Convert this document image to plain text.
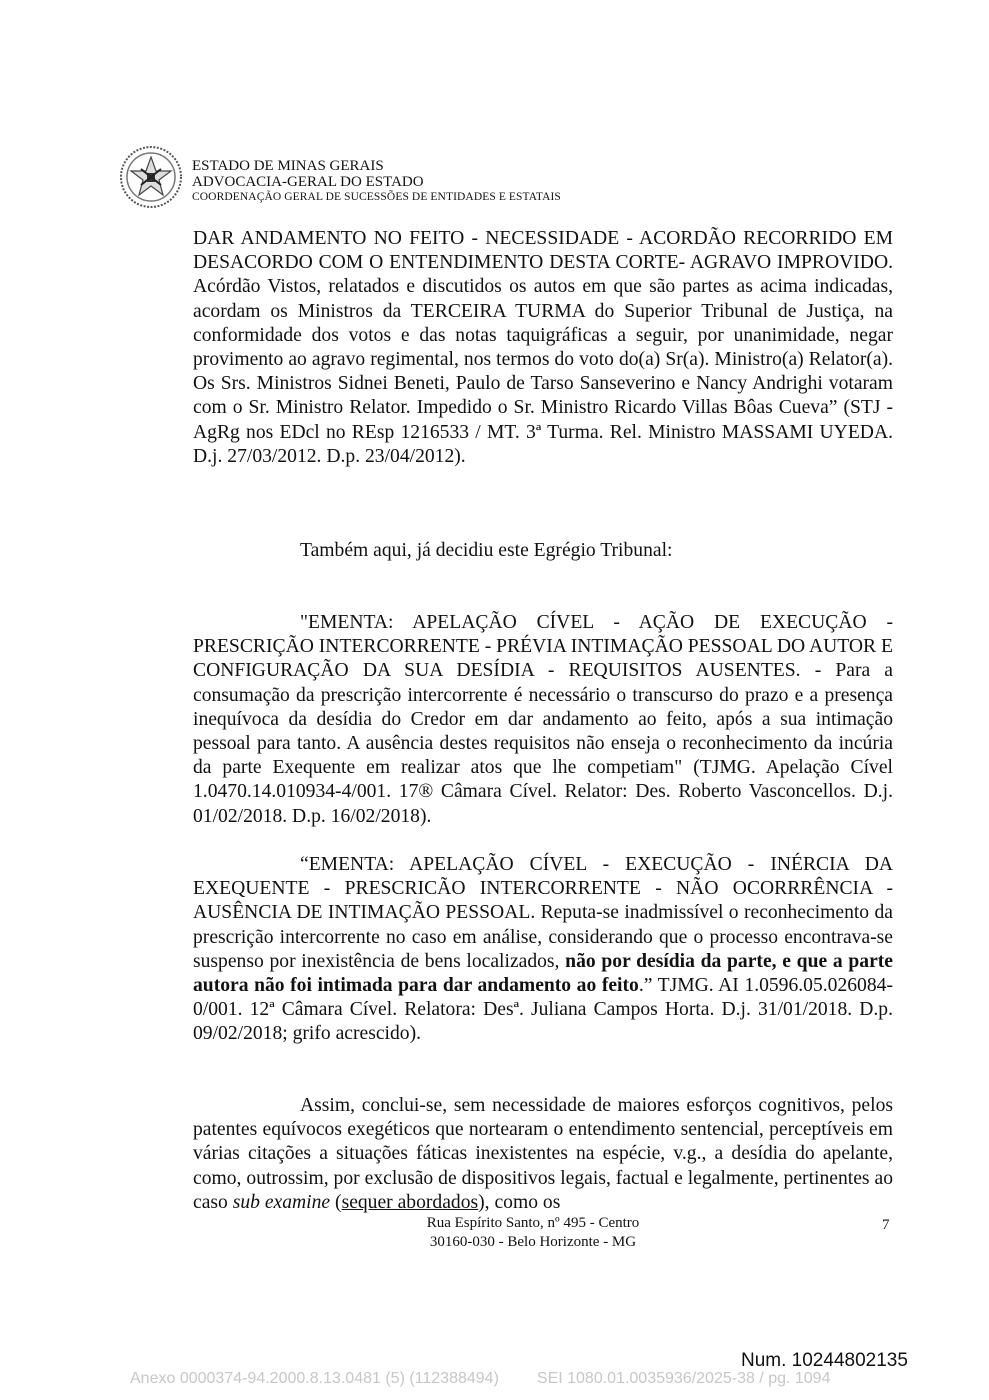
ESTADO DE MINAS GERAIS
ADVOCACIA-GERAL DO ESTADO
COORDENAÇÃO GERAL DE SUCESSÕES DE ENTIDADES E ESTATAIS
DAR ANDAMENTO NO FEITO - NECESSIDADE - ACORDÃO RECORRIDO EM DESACORDO COM O ENTENDIMENTO DESTA CORTE- AGRAVO IMPROVIDO. Acórdão Vistos, relatados e discutidos os autos em que são partes as acima indicadas, acordam os Ministros da TERCEIRA TURMA do Superior Tribunal de Justiça, na conformidade dos votos e das notas taquigráficas a seguir, por unanimidade, negar provimento ao agravo regimental, nos termos do voto do(a) Sr(a). Ministro(a) Relator(a). Os Srs. Ministros Sidnei Beneti, Paulo de Tarso Sanseverino e Nancy Andrighi votaram com o Sr. Ministro Relator. Impedido o Sr. Ministro Ricardo Villas Bôas Cueva” (STJ - AgRg nos EDcl no REsp 1216533 / MT. 3ª Turma. Rel. Ministro MASSAMI UYEDA. D.j. 27/03/2012. D.p. 23/04/2012).
Também aqui, já decidiu este Egrégio Tribunal:
"EMENTA: APELAÇÃO CÍVEL - AÇÃO DE EXECUÇÃO - PRESCRIÇÃO INTERCORRENTE - PRÉVIA INTIMAÇÃO PESSOAL DO AUTOR E CONFIGURAÇÃO DA SUA DESÍDIA - REQUISITOS AUSENTES. - Para a consumação da prescrição intercorrente é necessário o transcurso do prazo e a presença inequívoca da desídia do Credor em dar andamento ao feito, após a sua intimação pessoal para tanto. A ausência destes requisitos não enseja o reconhecimento da incúria da parte Exequente em realizar atos que lhe competiam" (TJMG. Apelação Cível 1.0470.14.010934-4/001. 17® Câmara Cível. Relator: Des. Roberto Vasconcellos. D.j. 01/02/2018. D.p. 16/02/2018).
“EMENTA: APELAÇÃO CÍVEL - EXECUÇÃO - INÉRCIA DA EXEQUENTE - PRESCRICÃO INTERCORRENTE - NÃO OCORRRÊNCIA - AUSÊNCIA DE INTIMAÇÃO PESSOAL. Reputa-se inadmissível o reconhecimento da prescrição intercorrente no caso em análise, considerando que o processo encontrava-se suspenso por inexistência de bens localizados, não por desídia da parte, e que a parte autora não foi intimada para dar andamento ao feito.” TJMG. AI 1.0596.05.026084-0/001. 12ª Câmara Cível. Relatora: Desª. Juliana Campos Horta. D.j. 31/01/2018. D.p. 09/02/2018; grifo acrescido).
Assim, conclui-se, sem necessidade de maiores esforços cognitivos, pelos patentes equívocos exegéticos que nortearam o entendimento sentencial, perceptíveis em várias citações a situações fáticas inexistentes na espécie, v.g., a desídia do apelante, como, outrossim, por exclusão de dispositivos legais, factual e legalmente, pertinentes ao caso sub examine (sequer abordados), como os
Rua Espírito Santo, nº 495 - Centro
30160-030 - Belo Horizonte - MG
7
Num. 10244802135
Anexo 0000374-94.2000.8.13.0481 (5) (112388494) SEI 1080.01.0035936/2025-38 / pg. 1094
